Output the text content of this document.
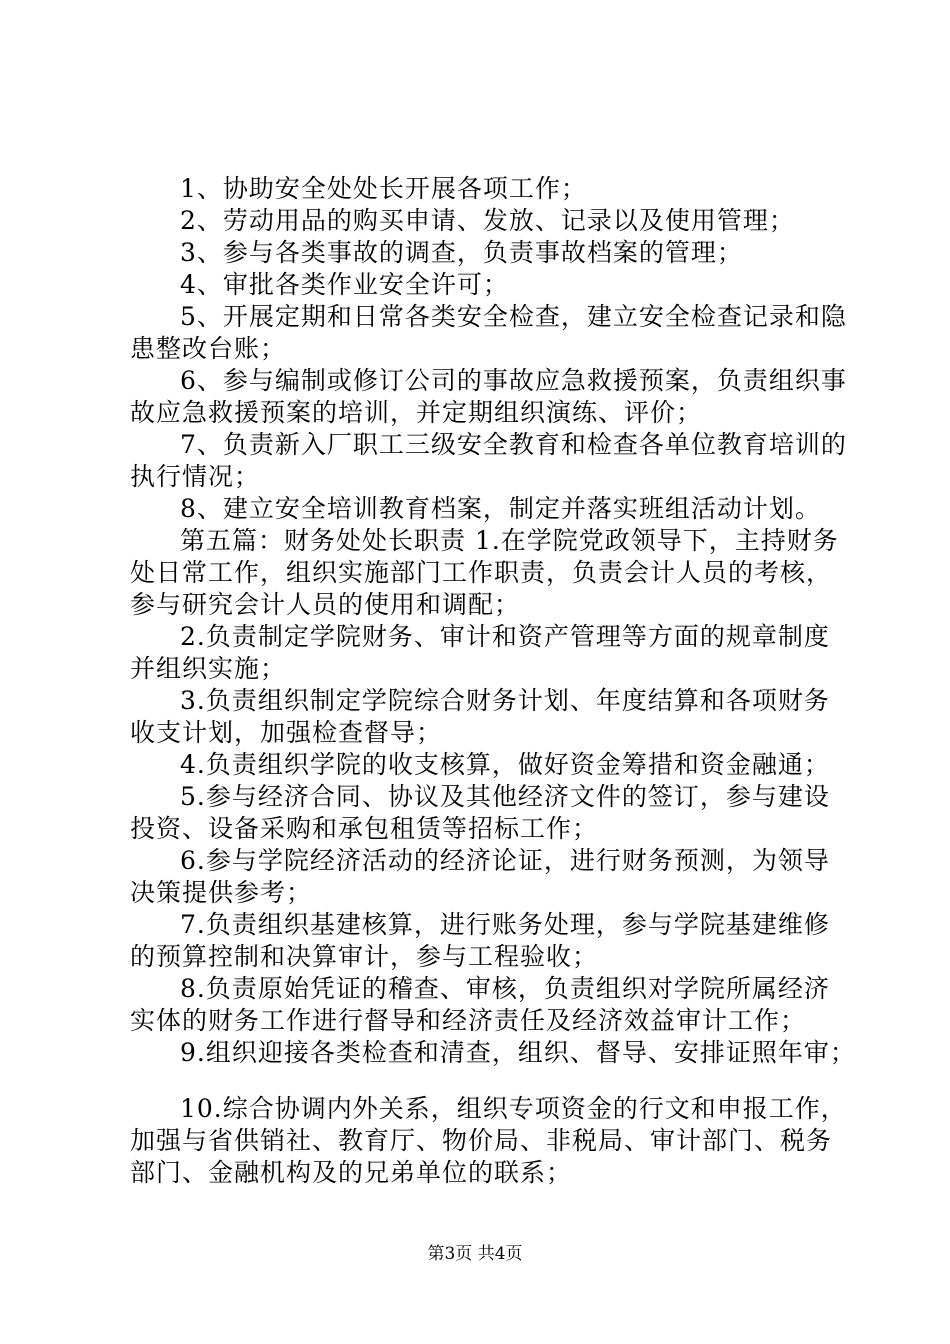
1、协助安全处处长开展各项工作；
2、劳动用品的购买申请、发放、记录以及使用管理；
3、参与各类事故的调查，负责事故档案的管理；
4、审批各类作业安全许可；
5、开展定期和日常各类安全检查，建立安全检查记录和隐
患整改台账；
6、参与编制或修订公司的事故应急救援预案，负责组织事
故应急救援预案的培训，并定期组织演练、评价；
7、负责新入厂职工三级安全教育和检查各单位教育培训的
执行情况；
8、建立安全培训教育档案，制定并落实班组活动计划。
第五篇：财务处处长职责 1.在学院党政领导下，主持财务
处日常工作，组织实施部门工作职责，负责会计人员的考核，
参与研究会计人员的使用和调配；
2.负责制定学院财务、审计和资产管理等方面的规章制度
并组织实施；
3.负责组织制定学院综合财务计划、年度结算和各项财务
收支计划，加强检查督导；
4.负责组织学院的收支核算，做好资金筹措和资金融通；
5.参与经济合同、协议及其他经济文件的签订，参与建设
投资、设备采购和承包租赁等招标工作；
6.参与学院经济活动的经济论证，进行财务预测，为领导
决策提供参考；
7.负责组织基建核算，进行账务处理，参与学院基建维修
的预算控制和决算审计，参与工程验收；
8.负责原始凭证的稽查、审核，负责组织对学院所属经济
实体的财务工作进行督导和经济责任及经济效益审计工作；
9.组织迎接各类检查和清查，组织、督导、安排证照年审；
10.综合协调内外关系，组织专项资金的行文和申报工作，
加强与省供销社、教育厅、物价局、非税局、审计部门、税务
部门、金融机构及的兄弟单位的联系；
第3页 共4页
